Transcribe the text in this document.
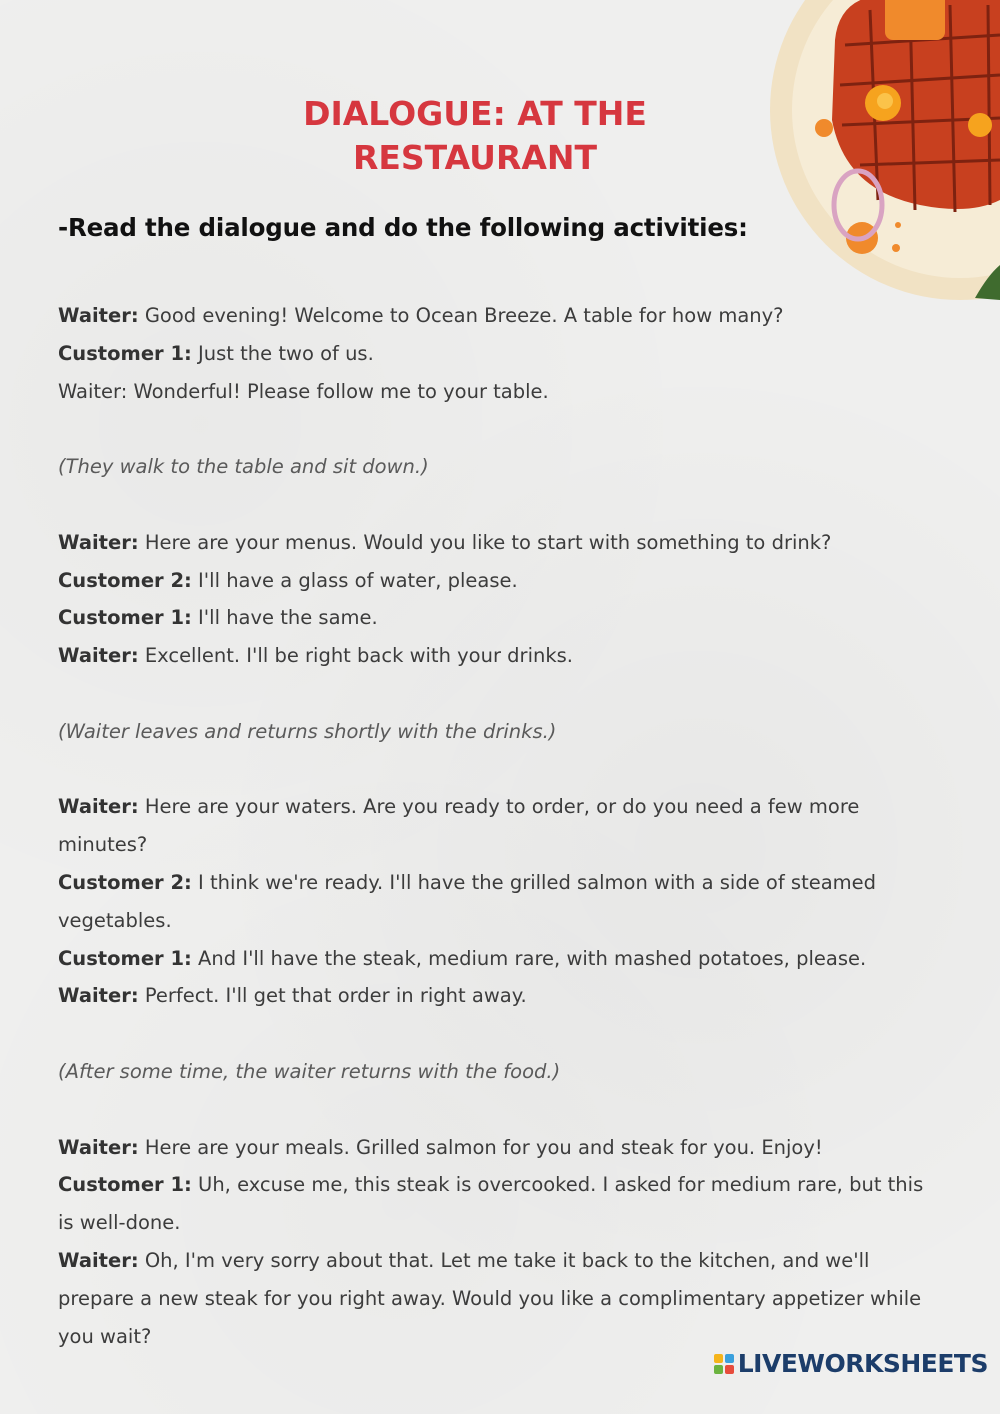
DIALOGUE: AT THE
RESTAURANT

-Read the dialogue and do the following activities:

Waiter: Good evening! Welcome to Ocean Breeze. A table for how many?
Customer 1: Just the two of us.
Waiter: Wonderful! Please follow me to your table.
(They walk to the table and sit down.)
Waiter: Here are your menus. Would you like to start with something to drink?
Customer 2: I'll have a glass of water, please.
Customer 1: I'll have the same.
Waiter: Excellent. I'll be right back with your drinks.
(Waiter leaves and returns shortly with the drinks.)
Waiter: Here are your waters. Are you ready to order, or do you need a few more minutes?
Customer 2: I think we're ready. I'll have the grilled salmon with a side of steamed vegetables.
Customer 1: And I'll have the steak, medium rare, with mashed potatoes, please.
Waiter: Perfect. I'll get that order in right away.
(After some time, the waiter returns with the food.)
Waiter: Here are your meals. Grilled salmon for you and steak for you. Enjoy!
Customer 1: Uh, excuse me, this steak is overcooked. I asked for medium rare, but this is well-done.
Waiter: Oh, I'm very sorry about that. Let me take it back to the kitchen, and we'll prepare a new steak for you right away. Would you like a complimentary appetizer while you wait?
LIVEWORKSHEETS
